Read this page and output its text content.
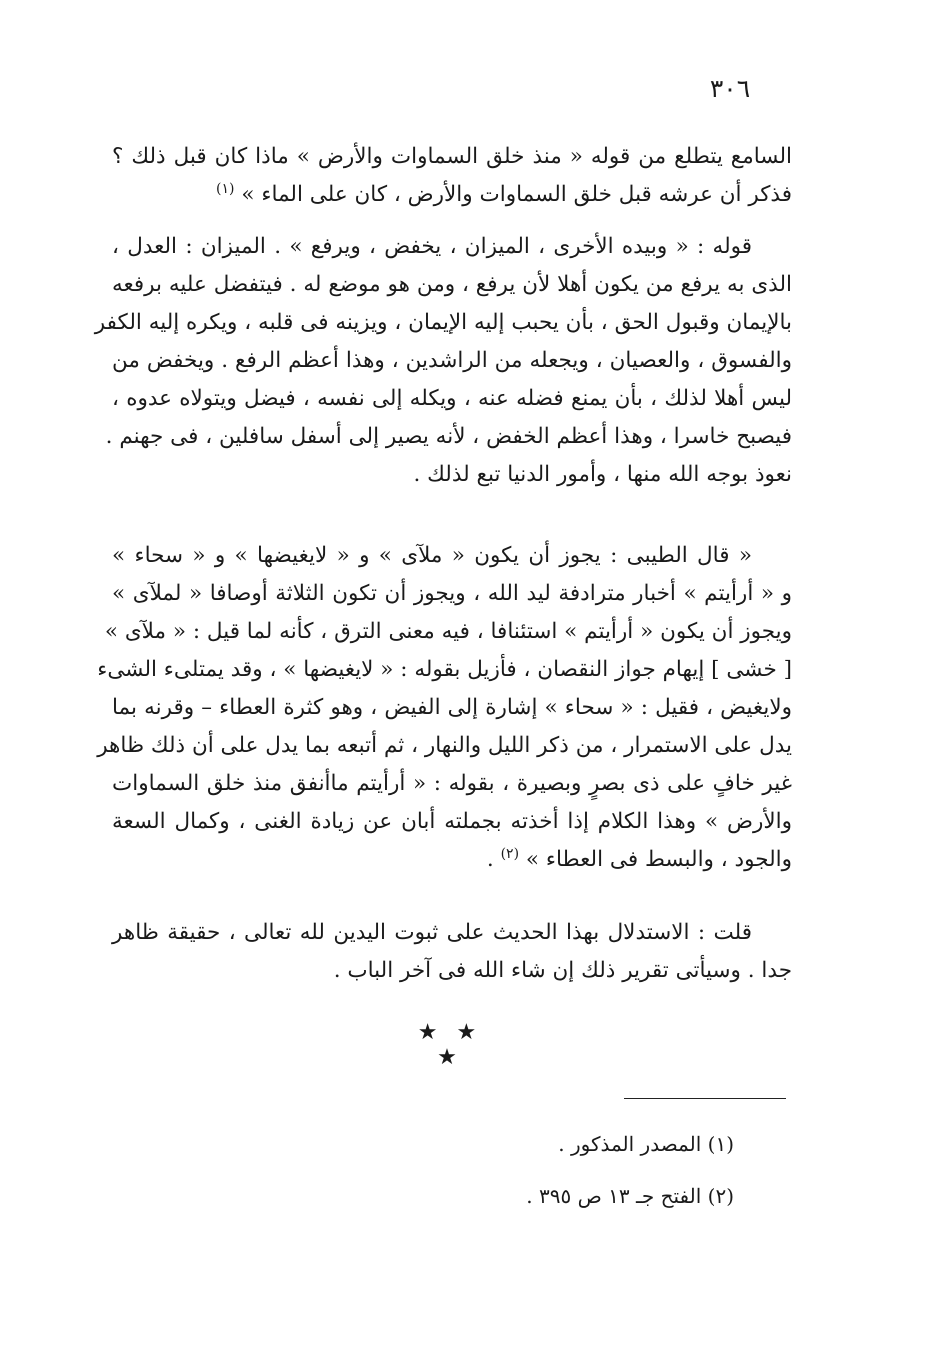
٣٠٦
السامع يتطلع من قوله « منذ خلق السماوات والأرض » ماذا كان قبل ذلك ؟
فذكر أن عرشه قبل خلق السماوات والأرض ، كان على الماء » $^{(١)}$
قوله : « وبيده الأخرى ، الميزان ، يخفض ، ويرفع » . الميزان : العدل ،
الذى به يرفع من يكون أهلا لأن يرفع ، ومن هو موضع له . فيتفضل عليه برفعه
بالإيمان وقبول الحق ، بأن يحبب إليه الإيمان ، ويزينه فى قلبه ، ويكره إليه الكفر
والفسوق ، والعصيان ، ويجعله من الراشدين ، وهذا أعظم الرفع . ويخفض من
ليس أهلا لذلك ، بأن يمنع فضله عنه ، ويكله إلى نفسه ، فيضل ويتولاه عدوه ،
فيصبح خاسرا ، وهذا أعظم الخفض ، لأنه يصير إلى أسفل سافلين ، فى جهنم .
نعوذ بوجه الله منها ، وأمور الدنيا تبع لذلك .
« قال الطيبى : يجوز أن يكون « ملآى » و « لايغيضها » و « سحاء »
و « أرأيتم » أخبار مترادفة ليد الله ، ويجوز أن تكون الثلاثة أوصافا « لملآى »
ويجوز أن يكون « أرأيتم » استئنافا ، فيه معنى الترق ، كأنه لما قيل : « ملآى »
[ خشى ] إيهام جواز النقصان ، فأزيل بقوله : « لايغيضها » ، وقد يمتلىء الشىء
ولايغيض ، فقيل : « سحاء » إشارة إلى الفيض ، وهو كثرة العطاء – وقرنه بما
يدل على الاستمرار ، من ذكر الليل والنهار ، ثم أتبعه بما يدل على أن ذلك ظاهر
غير خافٍ على ذى بصرٍ وبصيرة ، بقوله : « أرأيتم ماأنفق منذ خلق السماوات
والأرض » وهذا الكلام إذا أخذته بجملته أبان عن زيادة الغنى ، وكمال السعة
والجود ، والبسط فى العطاء » $^{(٢)}$ .
قلت : الاستدلال بهذا الحديث على ثبوت اليدين لله تعالى ، حقيقة ظاهر
جدا . وسيأتى تقرير ذلك إن شاء الله فى آخر الباب .
★ ★ ★
(١) المصدر المذكور .
(٢) الفتح جـ ١٣ ص ٣٩٥ .
